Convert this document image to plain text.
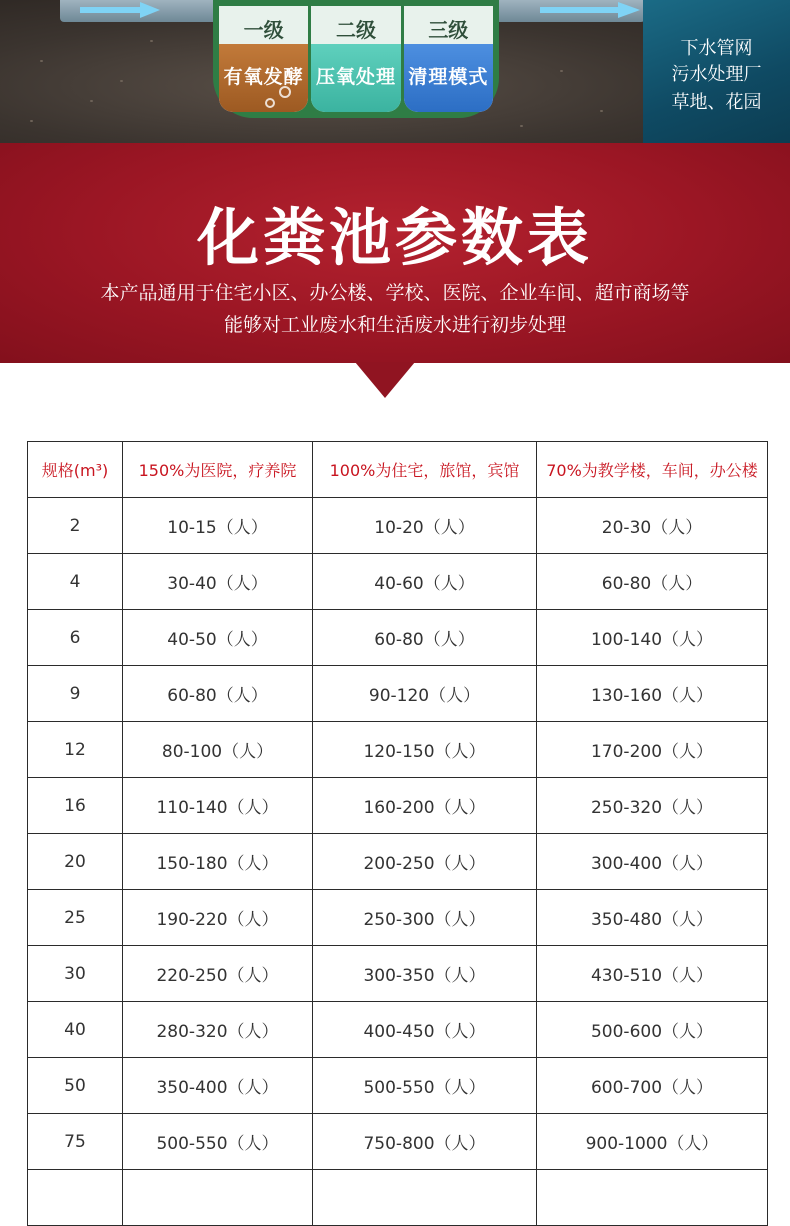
一级
有氧发酵
二级
压氧处理
三级
清理模式
下水管网
污水处理厂
草地、花园
化粪池参数表
本产品通用于住宅小区、办公楼、学校、医院、企业车间、超市商场等
能够对工业废水和生活废水进行初步处理
规格(m³)	150%为医院，疗养院	100%为住宅，旅馆，宾馆	70%为教学楼，车间，办公楼
2	10-15（人）	10-20（人）	20-30（人）
4	30-40（人）	40-60（人）	60-80（人）
6	40-50（人）	60-80（人）	100-140（人）
9	60-80（人）	90-120（人）	130-160（人）
12	80-100（人）	120-150（人）	170-200（人）
16	110-140（人）	160-200（人）	250-320（人）
20	150-180（人）	200-250（人）	300-400（人）
25	190-220（人）	250-300（人）	350-480（人）
30	220-250（人）	300-350（人）	430-510（人）
40	280-320（人）	400-450（人）	500-600（人）
50	350-400（人）	500-550（人）	600-700（人）
75	500-550（人）	750-800（人）	900-1000（人）
